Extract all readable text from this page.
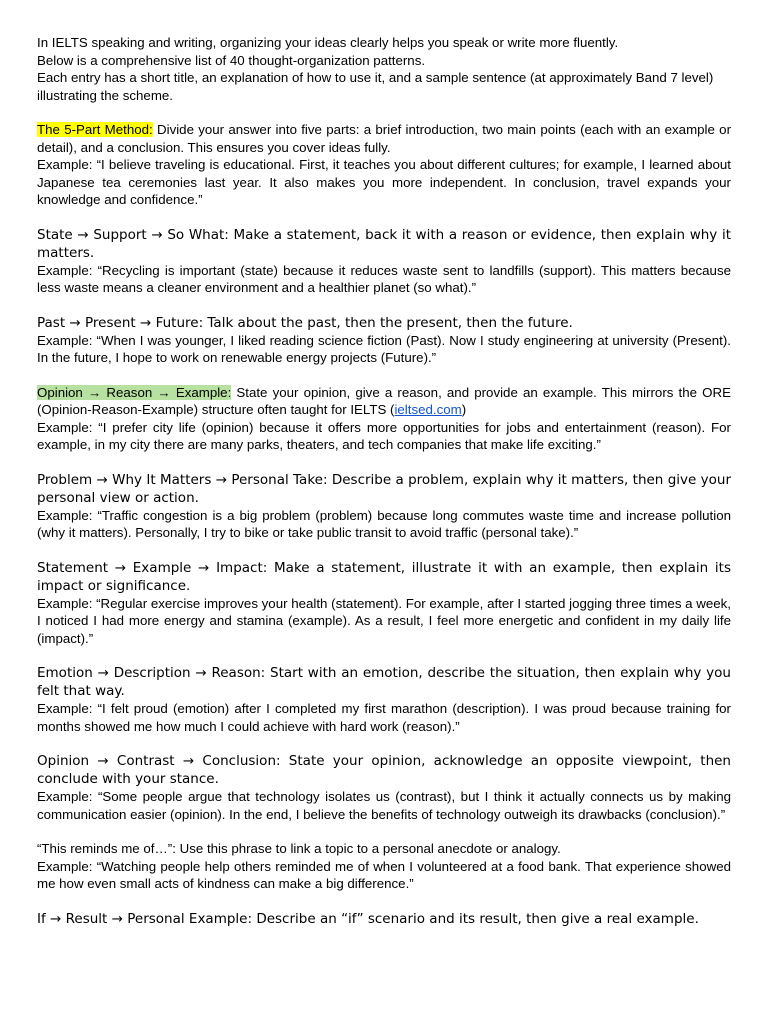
In IELTS speaking and writing, organizing your ideas clearly helps you speak or write more fluently.

Below is a comprehensive list of 40 thought-organization patterns.

Each entry has a short title, an explanation of how to use it, and a sample sentence (at approximately Band 7 level) illustrating the scheme.

The 5-Part Method: Divide your answer into five parts: a brief introduction, two main points (each with an example or detail), and a conclusion. This ensures you cover ideas fully.

Example: “I believe traveling is educational. First, it teaches you about different cultures; for example, I learned about Japanese tea ceremonies last year. It also makes you more independent. In conclusion, travel expands your knowledge and confidence.”

State → Support → So What: Make a statement, back it with a reason or evidence, then explain why it matters.

Example: “Recycling is important (state) because it reduces waste sent to landfills (support). This matters because less waste means a cleaner environment and a healthier planet (so what).”

Past → Present → Future: Talk about the past, then the present, then the future.

Example: “When I was younger, I liked reading science fiction (Past). Now I study engineering at university (Present). In the future, I hope to work on renewable energy projects (Future).”

Opinion → Reason → Example: State your opinion, give a reason, and provide an example. This mirrors the ORE (Opinion-Reason-Example) structure often taught for IELTS (ieltsed.com)

Example: “I prefer city life (opinion) because it offers more opportunities for jobs and entertainment (reason). For example, in my city there are many parks, theaters, and tech companies that make life exciting.”

Problem → Why It Matters → Personal Take: Describe a problem, explain why it matters, then give your personal view or action.

Example: “Traffic congestion is a big problem (problem) because long commutes waste time and increase pollution (why it matters). Personally, I try to bike or take public transit to avoid traffic (personal take).”

Statement → Example → Impact: Make a statement, illustrate it with an example, then explain its impact or significance.

Example: “Regular exercise improves your health (statement). For example, after I started jogging three times a week, I noticed I had more energy and stamina (example). As a result, I feel more energetic and confident in my daily life (impact).”

Emotion → Description → Reason: Start with an emotion, describe the situation, then explain why you felt that way.

Example: “I felt proud (emotion) after I completed my first marathon (description). I was proud because training for months showed me how much I could achieve with hard work (reason).”

Opinion → Contrast → Conclusion: State your opinion, acknowledge an opposite viewpoint, then conclude with your stance.

Example: “Some people argue that technology isolates us (contrast), but I think it actually connects us by making communication easier (opinion). In the end, I believe the benefits of technology outweigh its drawbacks (conclusion).”

“This reminds me of…”: Use this phrase to link a topic to a personal anecdote or analogy.

Example: “Watching people help others reminded me of when I volunteered at a food bank. That experience showed me how even small acts of kindness can make a big difference.”

If → Result → Personal Example: Describe an “if” scenario and its result, then give a real example.
